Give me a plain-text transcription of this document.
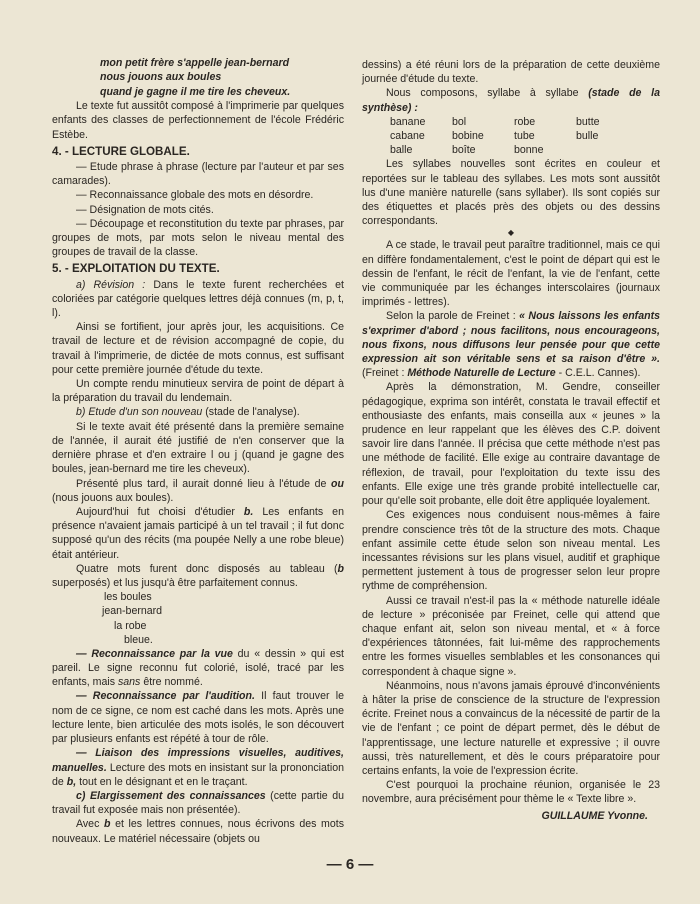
mon petit frère s'appelle jean-bernard
nous jouons aux boules
quand je gagne il me tire les cheveux.

Le texte fut aussitôt composé à l'imprimerie par quelques enfants des classes de perfectionnement de l'école Frédéric Estèbe.

4. - LECTURE GLOBALE.

— Etude phrase à phrase (lecture par l'auteur et par ses camarades).

— Reconnaissance globale des mots en désordre.

— Désignation de mots cités.

— Découpage et reconstitution du texte par phrases, par groupes de mots, par mots selon le niveau mental des groupes de travail de la classe.

5. - EXPLOITATION DU TEXTE.

a) Révision : Dans le texte furent recherchées et coloriées par catégorie quelques lettres déjà connues (m, p, t, l).

Ainsi se fortifient, jour après jour, les acquisitions. Ce travail de lecture et de révision accompagné de copie, du travail à l'imprimerie, de dictée de mots connus, est suffisant pour cette première journée d'étude du texte.

Un compte rendu minutieux servira de point de départ à la préparation du travail du lendemain.

b) Etude d'un son nouveau (stade de l'analyse).

Si le texte avait été présenté dans la première semaine de l'année, il aurait été justifié de n'en conserver que la dernière phrase et d'en extraire l ou j (quand je gagne des boules, jean-bernard me tire les cheveux).

Présenté plus tard, il aurait donné lieu à l'étude de ou (nous jouons aux boules).

Aujourd'hui fut choisi d'étudier b. Les enfants en présence n'avaient jamais participé à un tel travail ; il fut donc supposé qu'un des récits (ma poupée Nelly a une robe bleue) était antérieur.

Quatre mots furent donc disposés au tableau (b superposés) et lus jusqu'à être parfaitement connus.

les boules
jean-bernard
la robe
bleue.

— Reconnaissance par la vue du « dessin » qui est pareil. Le signe reconnu fut colorié, isolé, tracé par les enfants, mais sans être nommé.

— Reconnaissance par l'audition. Il faut trouver le nom de ce signe, ce nom est caché dans les mots. Après une lecture lente, bien articulée des mots isolés, le son découvert par plusieurs enfants est répété à tour de rôle.

— Liaison des impressions visuelles, auditives, manuelles. Lecture des mots en insistant sur la prononciation de b, tout en le désignant et en le traçant.

c) Elargissement des connaissances (cette partie du travail fut exposée mais non présentée).

Avec b et les lettres connues, nous écrivons des mots nouveaux. Le matériel nécessaire (objets ou

dessins) a été réuni lors de la préparation de cette deuxième journée d'étude du texte.

Nous composons, syllabe à syllabe (stade de la synthèse) :

banane	bol	robe	butte
cabane	bobine	tube	bulle
balle	boîte	bonne

Les syllabes nouvelles sont écrites en couleur et reportées sur le tableau des syllabes. Les mots sont aussitôt lus d'une manière naturelle (sans syllaber). Ils sont copiés sur des étiquettes et placés près des objets ou des dessins correspondants.

◆

A ce stade, le travail peut paraître traditionnel, mais ce qui en diffère fondamentalement, c'est le point de départ qui est le dessin de l'enfant, le récit de l'enfant, la vie de l'enfant, cette vie communiquée par les échanges interscolaires (journaux imprimés - lettres).

Selon la parole de Freinet : « Nous laissons les enfants s'exprimer d'abord ; nous facilitons, nous encourageons, nous fixons, nous diffusons leur pensée pour que cette expression ait son véritable sens et sa raison d'être ». (Freinet : Méthode Naturelle de Lecture - C.E.L. Cannes).

Après la démonstration, M. Gendre, conseiller pédagogique, exprima son intérêt, constata le travail effectif et enthousiaste des enfants, mais conseilla aux « jeunes » la prudence en leur rappelant que les élèves des C.P. doivent savoir lire dans l'année. Il précisa que cette méthode n'est pas une méthode de facilité. Elle exige au contraire davantage de réflexion, de travail, pour l'exploitation du texte issu des enfants. Elle exige une très grande probité intellectuelle car, pour qu'elle soit probante, elle doit être appliquée loyalement.

Ces exigences nous conduisent nous-mêmes à faire prendre conscience très tôt de la structure des mots. Chaque enfant assimile cette étude selon son niveau mental. Les incessantes révisions sur les plans visuel, auditif et graphique permettent justement à tous de progresser selon leur propre rythme de compréhension.

Aussi ce travail n'est-il pas la « méthode naturelle idéale de lecture » préconisée par Freinet, celle qui attend que chaque enfant ait, selon son niveau mental, et « à force d'expériences tâtonnées, fait lui-même des rapprochements entre les formes visuelles semblables et les consonances qui correspondent à chaque signe ».

Néanmoins, nous n'avons jamais éprouvé d'inconvénients à hâter la prise de conscience de la structure de l'expression écrite. Freinet nous a convaincus de la nécessité de partir de la vie de l'enfant ; ce point de départ permet, dès le début de l'apprentissage, une lecture naturelle et expressive ; il ouvre aussi, très naturellement, et dès le cours préparatoire pour certains enfants, la voie de l'expression écrite.

C'est pourquoi la prochaine réunion, organisée le 23 novembre, aura précisément pour thème le « Texte libre ».

GUILLAUME Yvonne.
— 6 —
